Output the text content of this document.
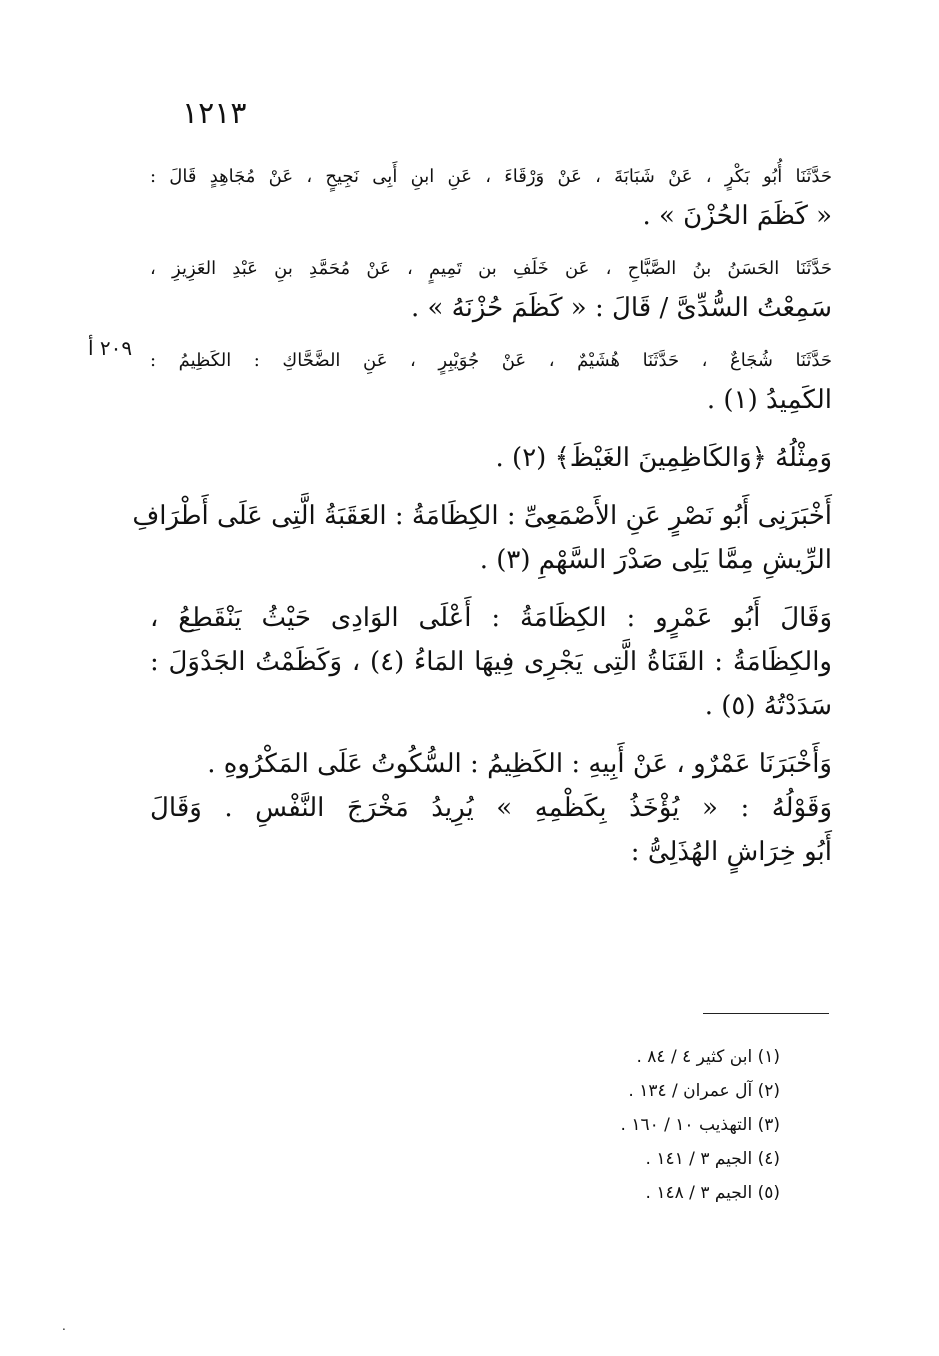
١٢١٣
٢٠٩ أ
حَدَّثَنَا أُبُو بَكْرٍ ، عَنْ شَبَابَةَ ، عَنْ وَرْقَاءَ ، عَنِ ابنِ أَبِى نَجِيحٍ ، عَنْ مُجَاهِدٍ قَالَ :
« كَظَمَ الحُزْنَ » .
حَدَّثَنَا الحَسَنُ بنُ الصَّبَّاحِ ، عَن خَلَفِ بن تَمِيمٍ ، عَنْ مُحَمَّدِ بنِ عَبْدِ العَزِيزِ ،
سَمِعْتُ السُّدِّىَّ / قَالَ : « كَظَمَ حُزْنَهُ » .
حَدَّثَنَا شُجَاعٌ ، حَدَّثَنَا هُشَيْمٌ ، عَنْ جُوَيْبِرٍ ، عَنِ الضَّحَّاكِ : الكَظِيمُ :
الكَمِيدُ (١) .
وَمِثْلُهُ ﴿وَالكَاظِمِينَ الغَيْظَ﴾ (٢) .
أَخْبَرَنِى أَبُو نَصْرٍ عَنِ الأَصْمَعِىِّ : الكِظَامَةُ : العَقَبَةُ الَّتِى عَلَى أَطْرَافِ
الرِّيشِ مِمَّا يَلِى صَدْرَ السَّهْمِ (٣) .
وَقَالَ أَبُو عَمْرٍو : الكِظَامَةُ : أَعْلَى الوَادِى حَيْثُ يَنْقَطِعُ ،
والكِظَامَةُ : القَنَاةُ الَّتِى يَجْرِى فِيهَا المَاءُ (٤) ، وَكَظَمْتُ الجَدْوَلَ :
سَدَدْتُهُ (٥) .
وَأَخْبَرَنَا عَمْرٌو ، عَنْ أَبِيهِ : الكَظِيمُ : السُّكُوتُ عَلَى المَكْرُوهِ .
وَقَوْلُهُ : « يُؤْخَذُ بِكَظْمِهِ » يُرِيدُ مَخْرَجَ النَّفْسِ . وَقَالَ
أَبُو خِرَاشٍ الهُذَلِىُّ :
(١) ابن كثير ٤ / ٨٤ .
(٢) آل عمران / ١٣٤ .
(٣) التهذيب ١٠ / ١٦٠ .
(٤) الجيم ٣ / ١٤١ .
(٥) الجيم ٣ / ١٤٨ .
.
